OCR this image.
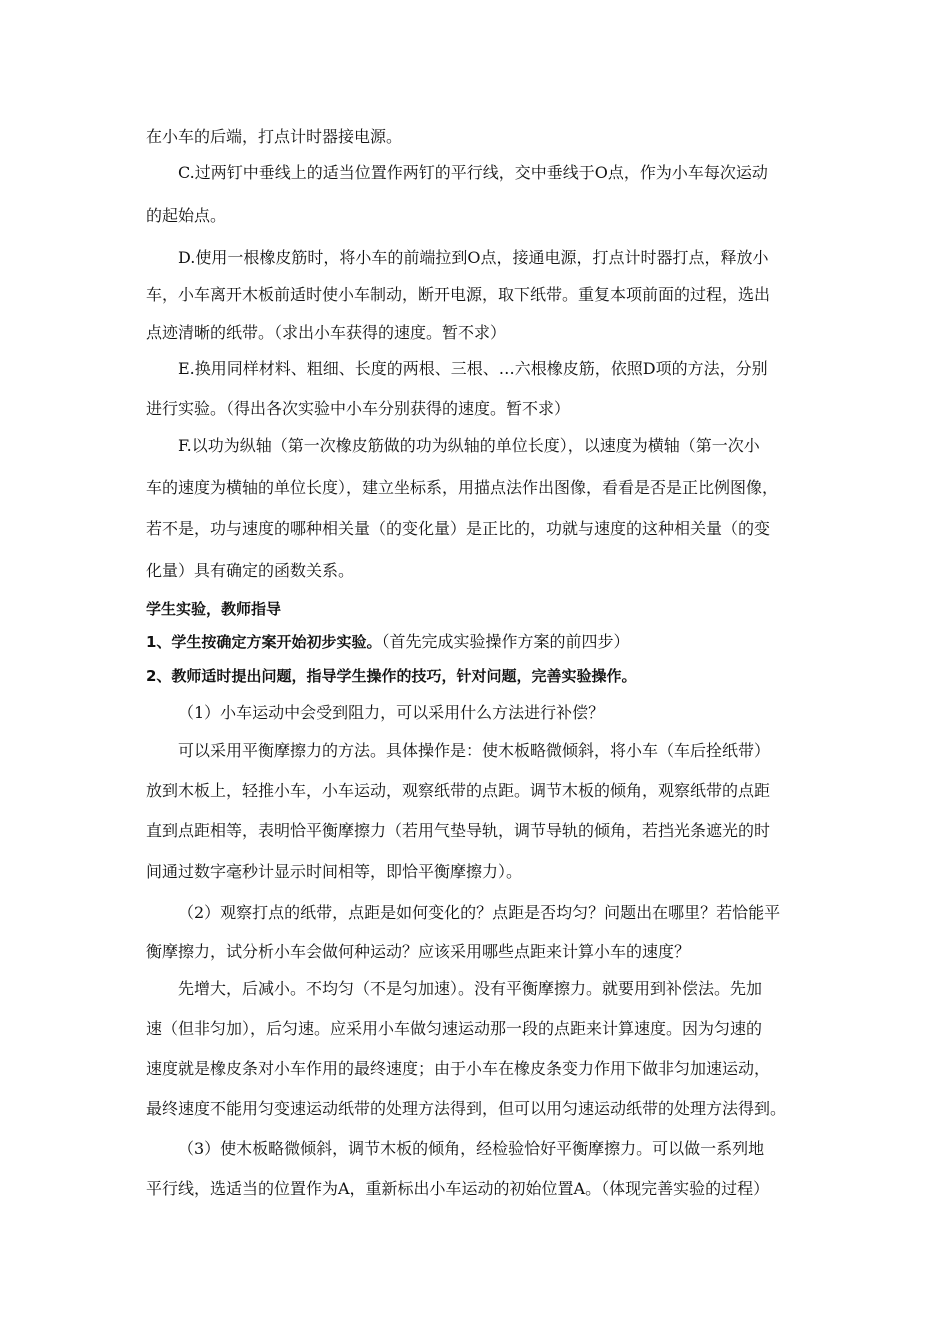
在小车的后端，打点计时器接电源。
C.过两钉中垂线上的适当位置作两钉的平行线，交中垂线于O点，作为小车每次运动
的起始点。
D.使用一根橡皮筋时，将小车的前端拉到O点，接通电源，打点计时器打点，释放小
车，小车离开木板前适时使小车制动，断开电源，取下纸带。重复本项前面的过程，选出
点迹清晰的纸带。（求出小车获得的速度。暂不求）
E.换用同样材料、粗细、长度的两根、三根、…六根橡皮筋，依照D项的方法，分别
进行实验。（得出各次实验中小车分别获得的速度。暂不求）
F.以功为纵轴（第一次橡皮筋做的功为纵轴的单位长度），以速度为横轴（第一次小
车的速度为横轴的单位长度），建立坐标系，用描点法作出图像，看看是否是正比例图像，
若不是，功与速度的哪种相关量（的变化量）是正比的，功就与速度的这种相关量（的变
化量）具有确定的函数关系。
学生实验，教师指导
1、学生按确定方案开始初步实验。（首先完成实验操作方案的前四步）
2、教师适时提出问题，指导学生操作的技巧，针对问题，完善实验操作。
（1）小车运动中会受到阻力，可以采用什么方法进行补偿？
可以采用平衡摩擦力的方法。具体操作是：使木板略微倾斜，将小车（车后拴纸带）
放到木板上，轻推小车，小车运动，观察纸带的点距。调节木板的倾角，观察纸带的点距
直到点距相等，表明恰平衡摩擦力（若用气垫导轨，调节导轨的倾角，若挡光条遮光的时
间通过数字毫秒计显示时间相等，即恰平衡摩擦力）。
（2）观察打点的纸带，点距是如何变化的？点距是否均匀？问题出在哪里？若恰能平
衡摩擦力，试分析小车会做何种运动？应该采用哪些点距来计算小车的速度？
先增大，后减小。不均匀（不是匀加速）。没有平衡摩擦力。就要用到补偿法。先加
速（但非匀加），后匀速。应采用小车做匀速运动那一段的点距来计算速度。因为匀速的
速度就是橡皮条对小车作用的最终速度；由于小车在橡皮条变力作用下做非匀加速运动，
最终速度不能用匀变速运动纸带的处理方法得到，但可以用匀速运动纸带的处理方法得到。
（3）使木板略微倾斜，调节木板的倾角，经检验恰好平衡摩擦力。可以做一系列地
平行线，选适当的位置作为A，重新标出小车运动的初始位置A。（体现完善实验的过程）
